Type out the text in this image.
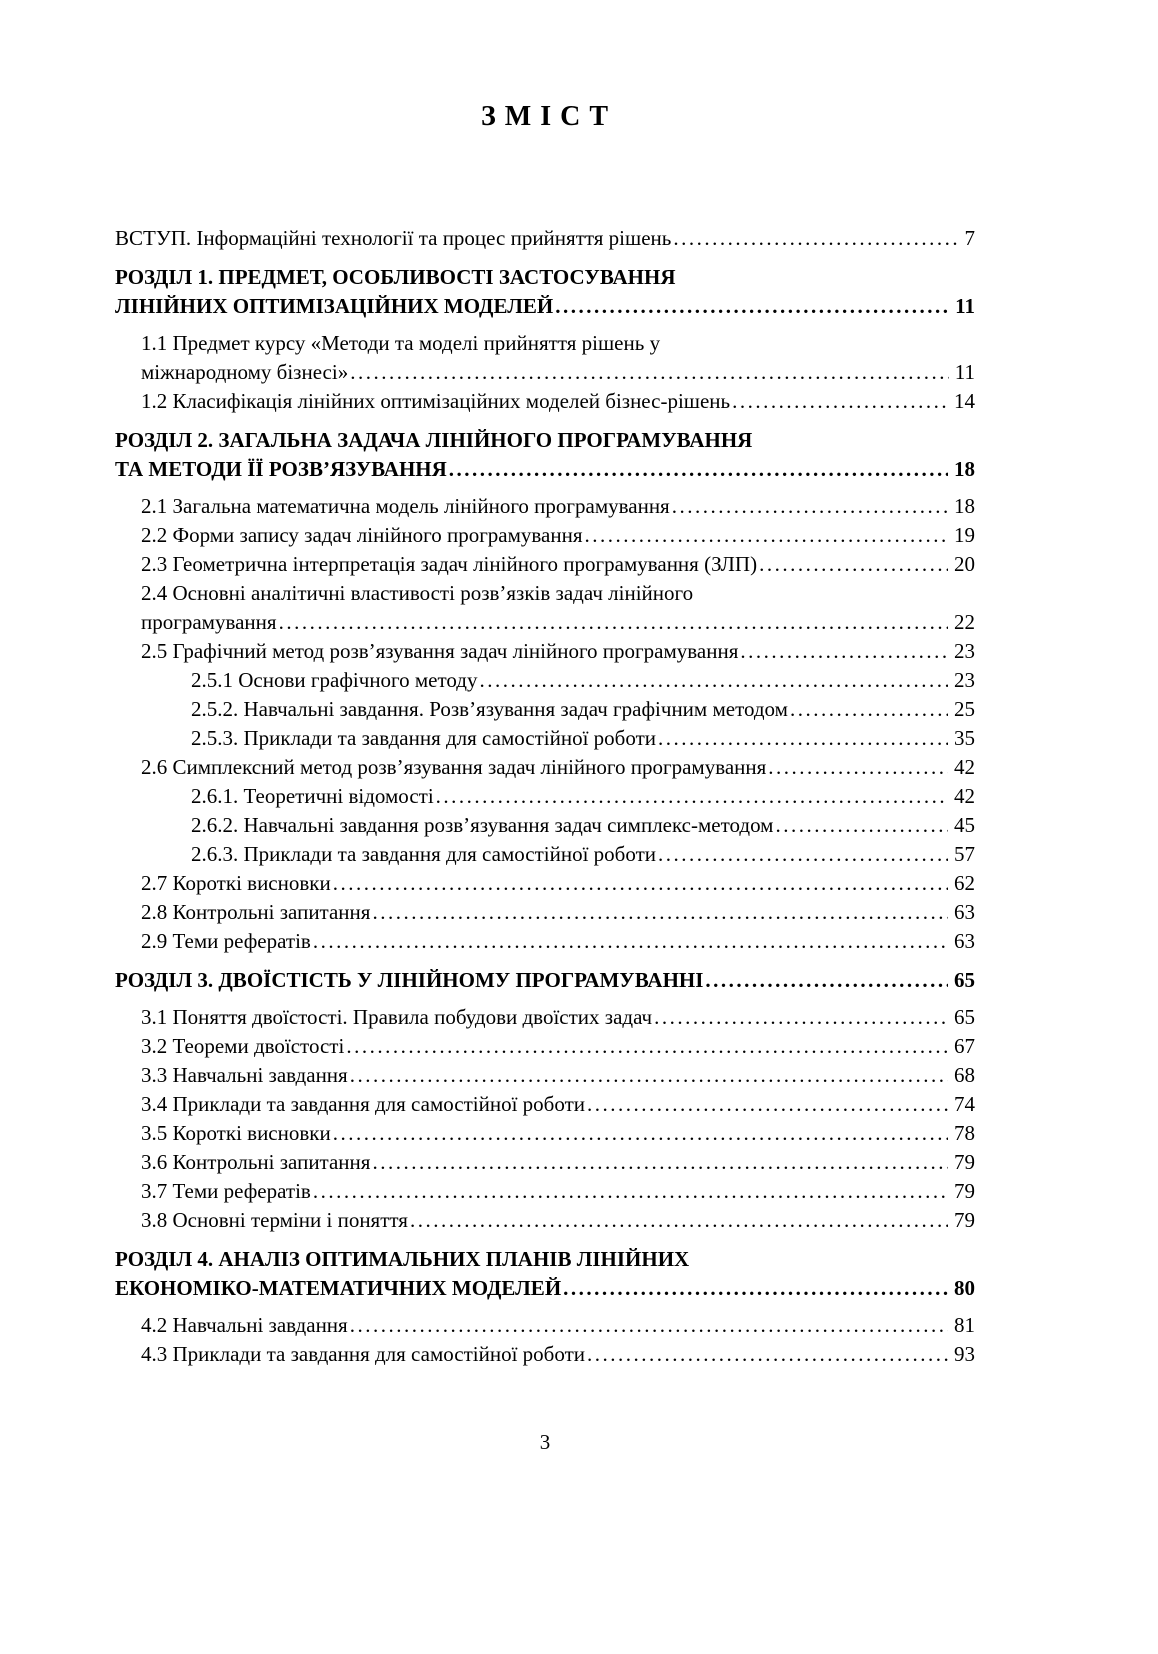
З М І С Т
ВСТУП. Інформаційні технології та процес прийняття рішень .....	7
РОЗДІЛ 1. ПРЕДМЕТ, ОСОБЛИВОСТІ ЗАСТОСУВАННЯ
ЛІНІЙНИХ ОПТИМІЗАЦІЙНИХ МОДЕЛЕЙ .....	11
1.1 Предмет курсу «Методи та моделі прийняття рішень у
міжнародному бізнесі» .....	11
1.2 Класифікація лінійних оптимізаційних моделей бізнес-рішень .....	14
РОЗДІЛ 2. ЗАГАЛЬНА ЗАДАЧА ЛІНІЙНОГО ПРОГРАМУВАННЯ
ТА МЕТОДИ ЇЇ РОЗВ’ЯЗУВАННЯ .....	18
2.1 Загальна математична модель лінійного програмування .....	18
2.2 Форми запису задач лінійного програмування .....	19
2.3 Геометрична інтерпретація задач лінійного програмування (ЗЛП) .....	20
2.4 Основні аналітичні властивості розв’язків задач лінійного
програмування .....	22
2.5 Графічний метод розв’язування задач лінійного програмування .....	23
2.5.1 Основи графічного методу .....	23
2.5.2. Навчальні завдання. Розв’язування задач графічним методом .....	25
2.5.3. Приклади та завдання для самостійної роботи .....	35
2.6 Симплексний метод розв’язування задач лінійного програмування .....	42
2.6.1. Теоретичні відомості .....	42
2.6.2. Навчальні завдання розв’язування задач симплекс-методом .....	45
2.6.3. Приклади та завдання для самостійної роботи .....	57
2.7 Короткі висновки .....	62
2.8 Контрольні запитання .....	63
2.9 Теми рефератів .....	63
РОЗДІЛ 3. ДВОЇСТІСТЬ У ЛІНІЙНОМУ ПРОГРАМУВАННІ .....	65
3.1 Поняття двоїстості. Правила побудови двоїстих задач .....	65
3.2 Теореми двоїстості .....	67
3.3 Навчальні завдання .....	68
3.4 Приклади та завдання для самостійної роботи .....	74
3.5 Короткі висновки .....	78
3.6 Контрольні запитання .....	79
3.7 Теми рефератів .....	79
3.8 Основні терміни і поняття .....	79
РОЗДІЛ 4. АНАЛІЗ ОПТИМАЛЬНИХ ПЛАНІВ ЛІНІЙНИХ
ЕКОНОМІКО-МАТЕМАТИЧНИХ МОДЕЛЕЙ .....	80
4.2 Навчальні завдання .....	81
4.3 Приклади та завдання для самостійної роботи .....	93
3
